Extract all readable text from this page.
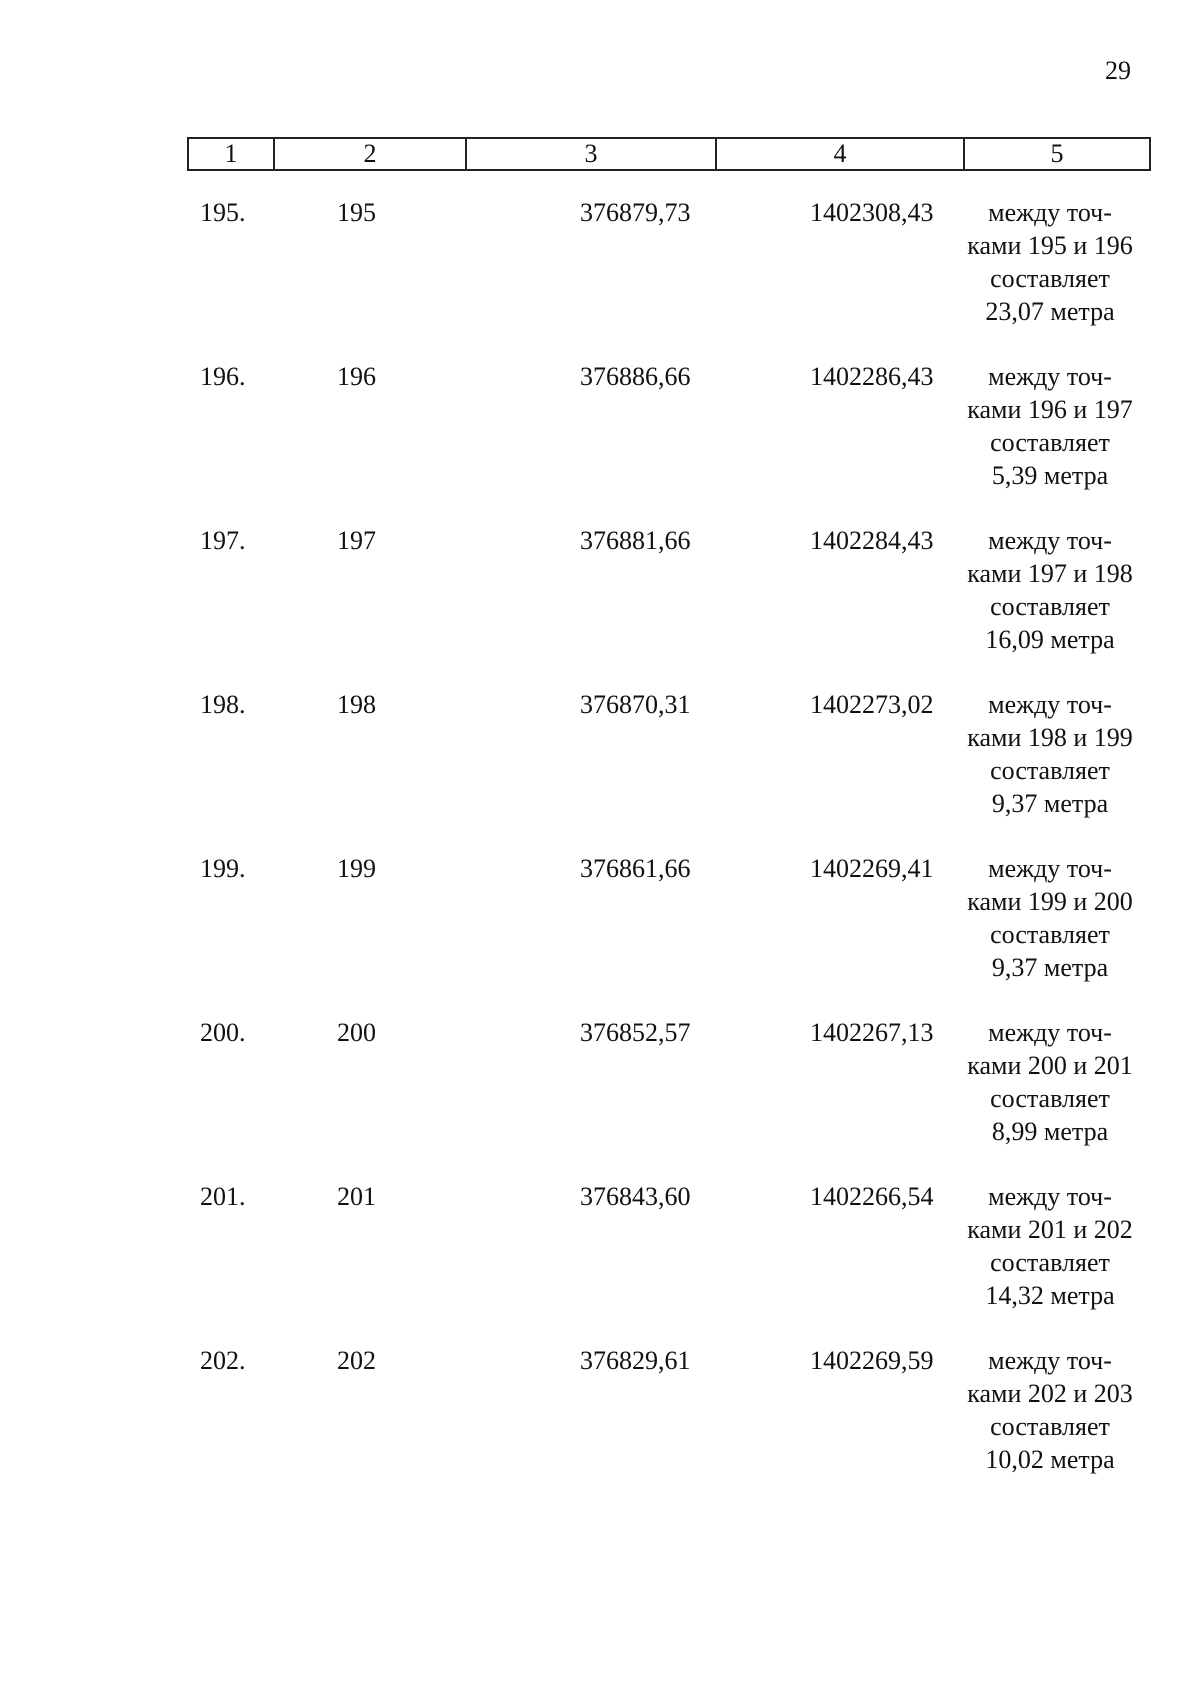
29
1	2	3	4	5
195.	195	376879,73	1402308,43	между точ-
ками 195 и 196
составляет
23,07 метра
196.	196	376886,66	1402286,43	между точ-
ками 196 и 197
составляет
5,39 метра
197.	197	376881,66	1402284,43	между точ-
ками 197 и 198
составляет
16,09 метра
198.	198	376870,31	1402273,02	между точ-
ками 198 и 199
составляет
9,37 метра
199.	199	376861,66	1402269,41	между точ-
ками 199 и 200
составляет
9,37 метра
200.	200	376852,57	1402267,13	между точ-
ками 200 и 201
составляет
8,99 метра
201.	201	376843,60	1402266,54	между точ-
ками 201 и 202
составляет
14,32 метра
202.	202	376829,61	1402269,59	между точ-
ками 202 и 203
составляет
10,02 метра
